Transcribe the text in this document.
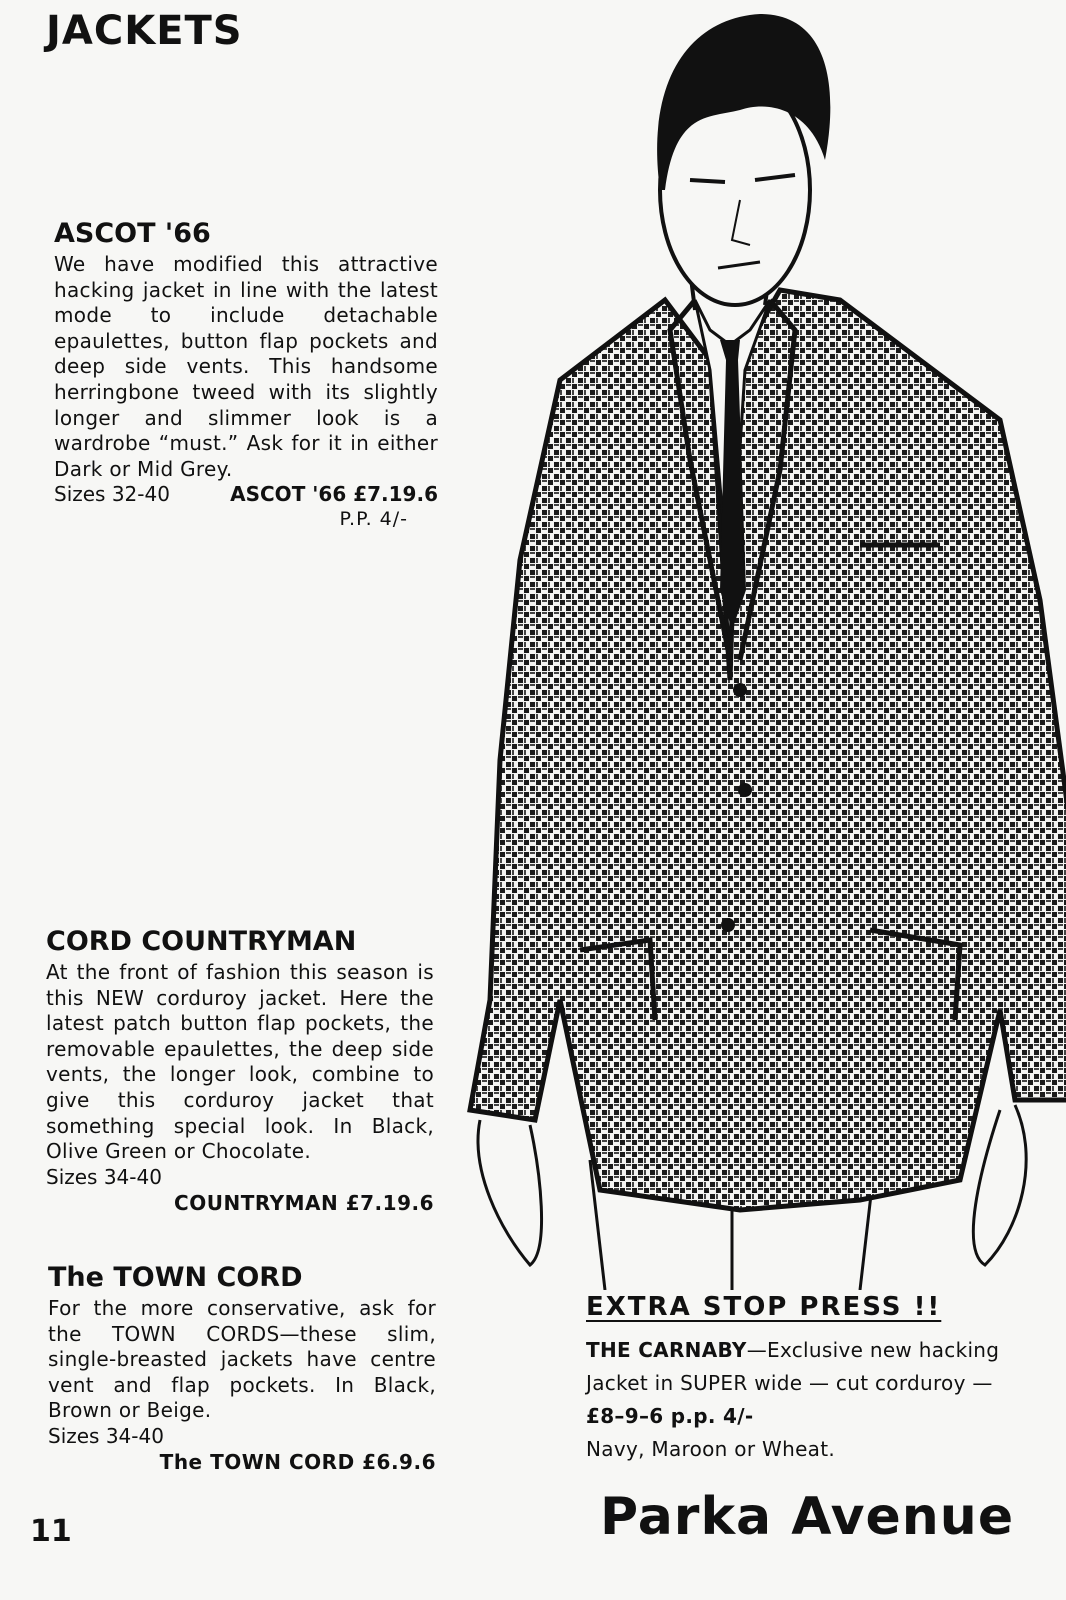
JACKETS
ASCOT '66

We have modified this attractive hacking jacket in line with the latest mode to include detachable epaulettes, button flap pockets and deep side vents. This handsome herringbone tweed with its slightly longer and slimmer look is a wardrobe “must.” Ask for it in either Dark or Mid Grey.

Sizes 32-40	ASCOT '66 £7.19.6
P.P. 4/-
CORD COUNTRYMAN

At the front of fashion this season is this NEW corduroy jacket. Here the latest patch button flap pockets, the removable epaulettes, the deep side vents, the longer look, combine to give this corduroy jacket that something special look. In Black, Olive Green or Chocolate.

Sizes 34-40
COUNTRYMAN £7.19.6
The TOWN CORD

For the more conservative, ask for the TOWN CORDS—these slim, single-breasted jackets have centre vent and flap pockets. In Black, Brown or Beige.

Sizes 34-40
The TOWN CORD £6.9.6
EXTRA STOP PRESS !!
THE CARNABY—Exclusive new hacking Jacket in SUPER wide — cut corduroy — £8–9–6 p.p. 4/-
Navy, Maroon or Wheat.
Parka Avenue
11
